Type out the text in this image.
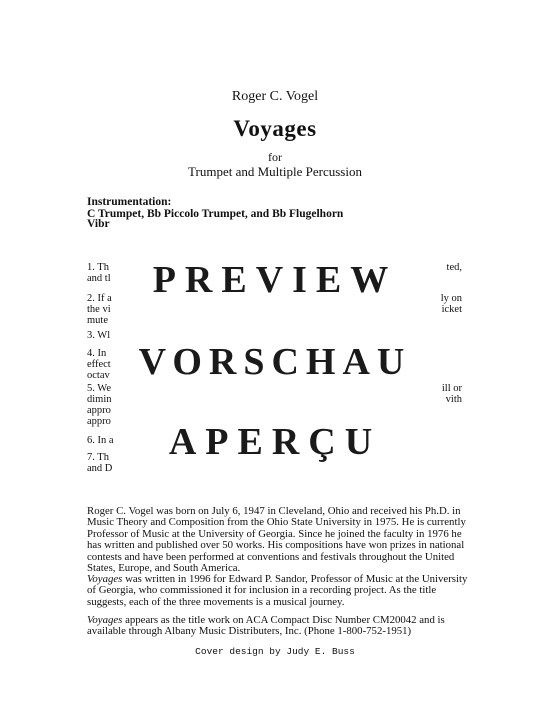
Roger C. Vogel
Voyages
for
Trumpet and Multiple Percussion
Instrumentation:
C Trumpet, Bb Piccolo Trumpet, and Bb Flugelhorn
Vibr
1. Th
and tl
ted,
2. If a
the vi
mute
ly on
icket
3. Wl
4. In
effect
octav
5. We
dimin
appro
appro
ill or
vith
6. In a
7. Th
and D
PREVIEW
VORSCHAU
APERÇU
Roger C. Vogel was born on July 6, 1947 in Cleveland, Ohio and received his Ph.D. in Music Theory and Composition from the Ohio State University in 1975. He is currently Professor of Music at the University of Georgia. Since he joined the faculty in 1976 he has written and published over 50 works. His compositions have won prizes in national contests and have been performed at conventions and festivals throughout the United States, Europe, and South America.
Voyages was written in 1996 for Edward P. Sandor, Professor of Music at the University of Georgia, who commissioned it for inclusion in a recording project. As the title suggests, each of the three movements is a musical journey.
Voyages appears as the title work on ACA Compact Disc Number CM20042 and is available through Albany Music Distributers, Inc. (Phone 1-800-752-1951)
Cover design by Judy E. Buss
